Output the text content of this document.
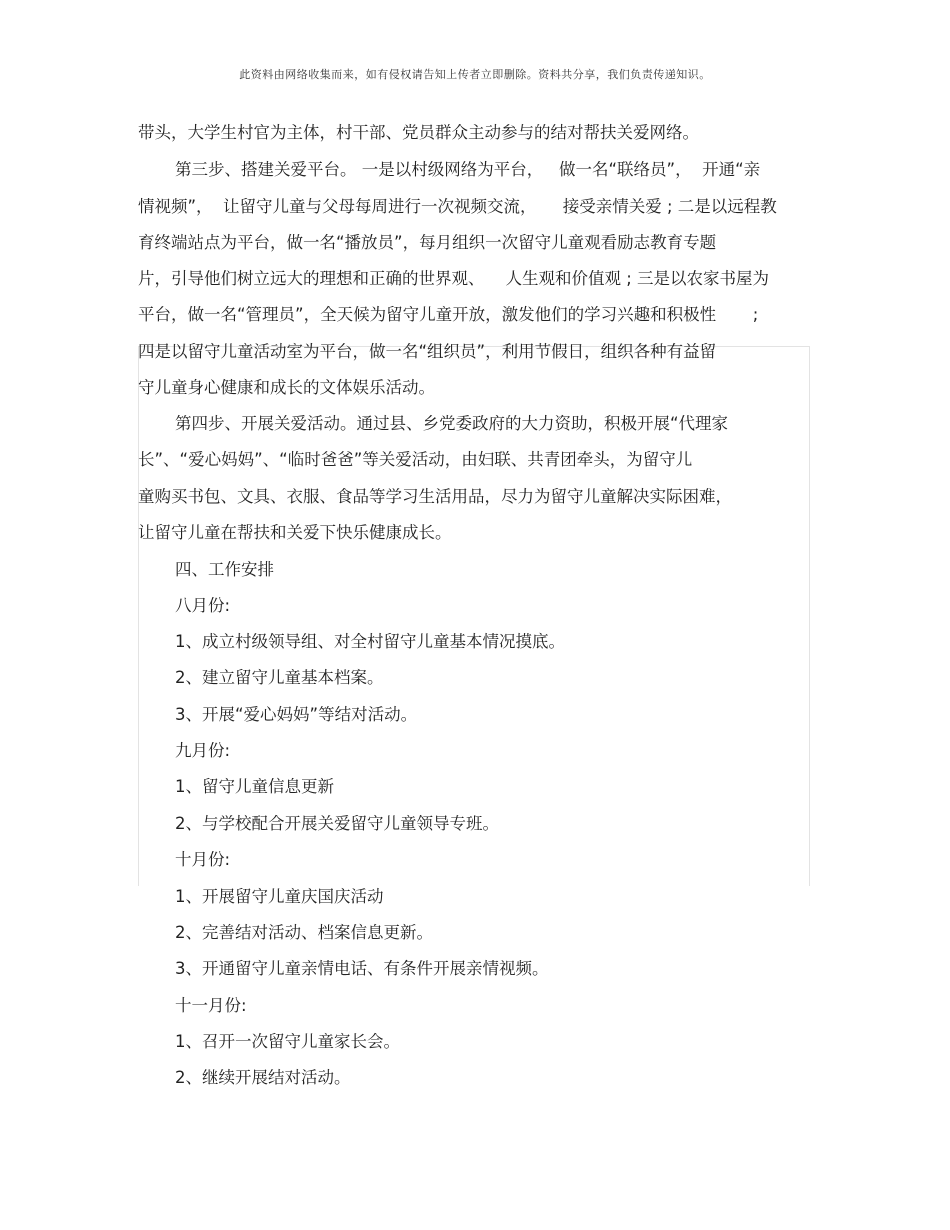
此资料由网络收集而来，如有侵权请告知上传者立即删除。资料共分享，我们负责传递知识。
带头，大学生村官为主体，村干部、党员群众主动参与的结对帮扶关爱网络。
第三步、搭建关爱平台。 一是以村级网络为平台，   做一名“联络员”，  开通“亲
情视频”，  让留守儿童与父母每周进行一次视频交流，     接受亲情关爱 ; 二是以远程教
育终端站点为平台，做一名“播放员”，每月组织一次留守儿童观看励志教育专题
片，引导他们树立远大的理想和正确的世界观、    人生观和价值观 ; 三是以农家书屋为
平台，做一名“管理员”，全天候为留守儿童开放，激发他们的学习兴趣和积极性       ;
四是以留守儿童活动室为平台，做一名“组织员”，利用节假日，组织各种有益留
守儿童身心健康和成长的文体娱乐活动。
第四步、开展关爱活动。通过县、乡党委政府的大力资助，积极开展“代理家
长”、“爱心妈妈”、“临时爸爸”等关爱活动，由妇联、共青团牵头，为留守儿
童购买书包、文具、衣服、食品等学习生活用品，尽力为留守儿童解决实际困难，
让留守儿童在帮扶和关爱下快乐健康成长。
四、工作安排
八月份:
1、成立村级领导组、对全村留守儿童基本情况摸底。
2、建立留守儿童基本档案。
3、开展“爱心妈妈”等结对活动。
九月份:
1、留守儿童信息更新
2、与学校配合开展关爱留守儿童领导专班。
十月份:
1、开展留守儿童庆国庆活动
2、完善结对活动、档案信息更新。
3、开通留守儿童亲情电话、有条件开展亲情视频。
十一月份:
1、召开一次留守儿童家长会。
2、继续开展结对活动。
